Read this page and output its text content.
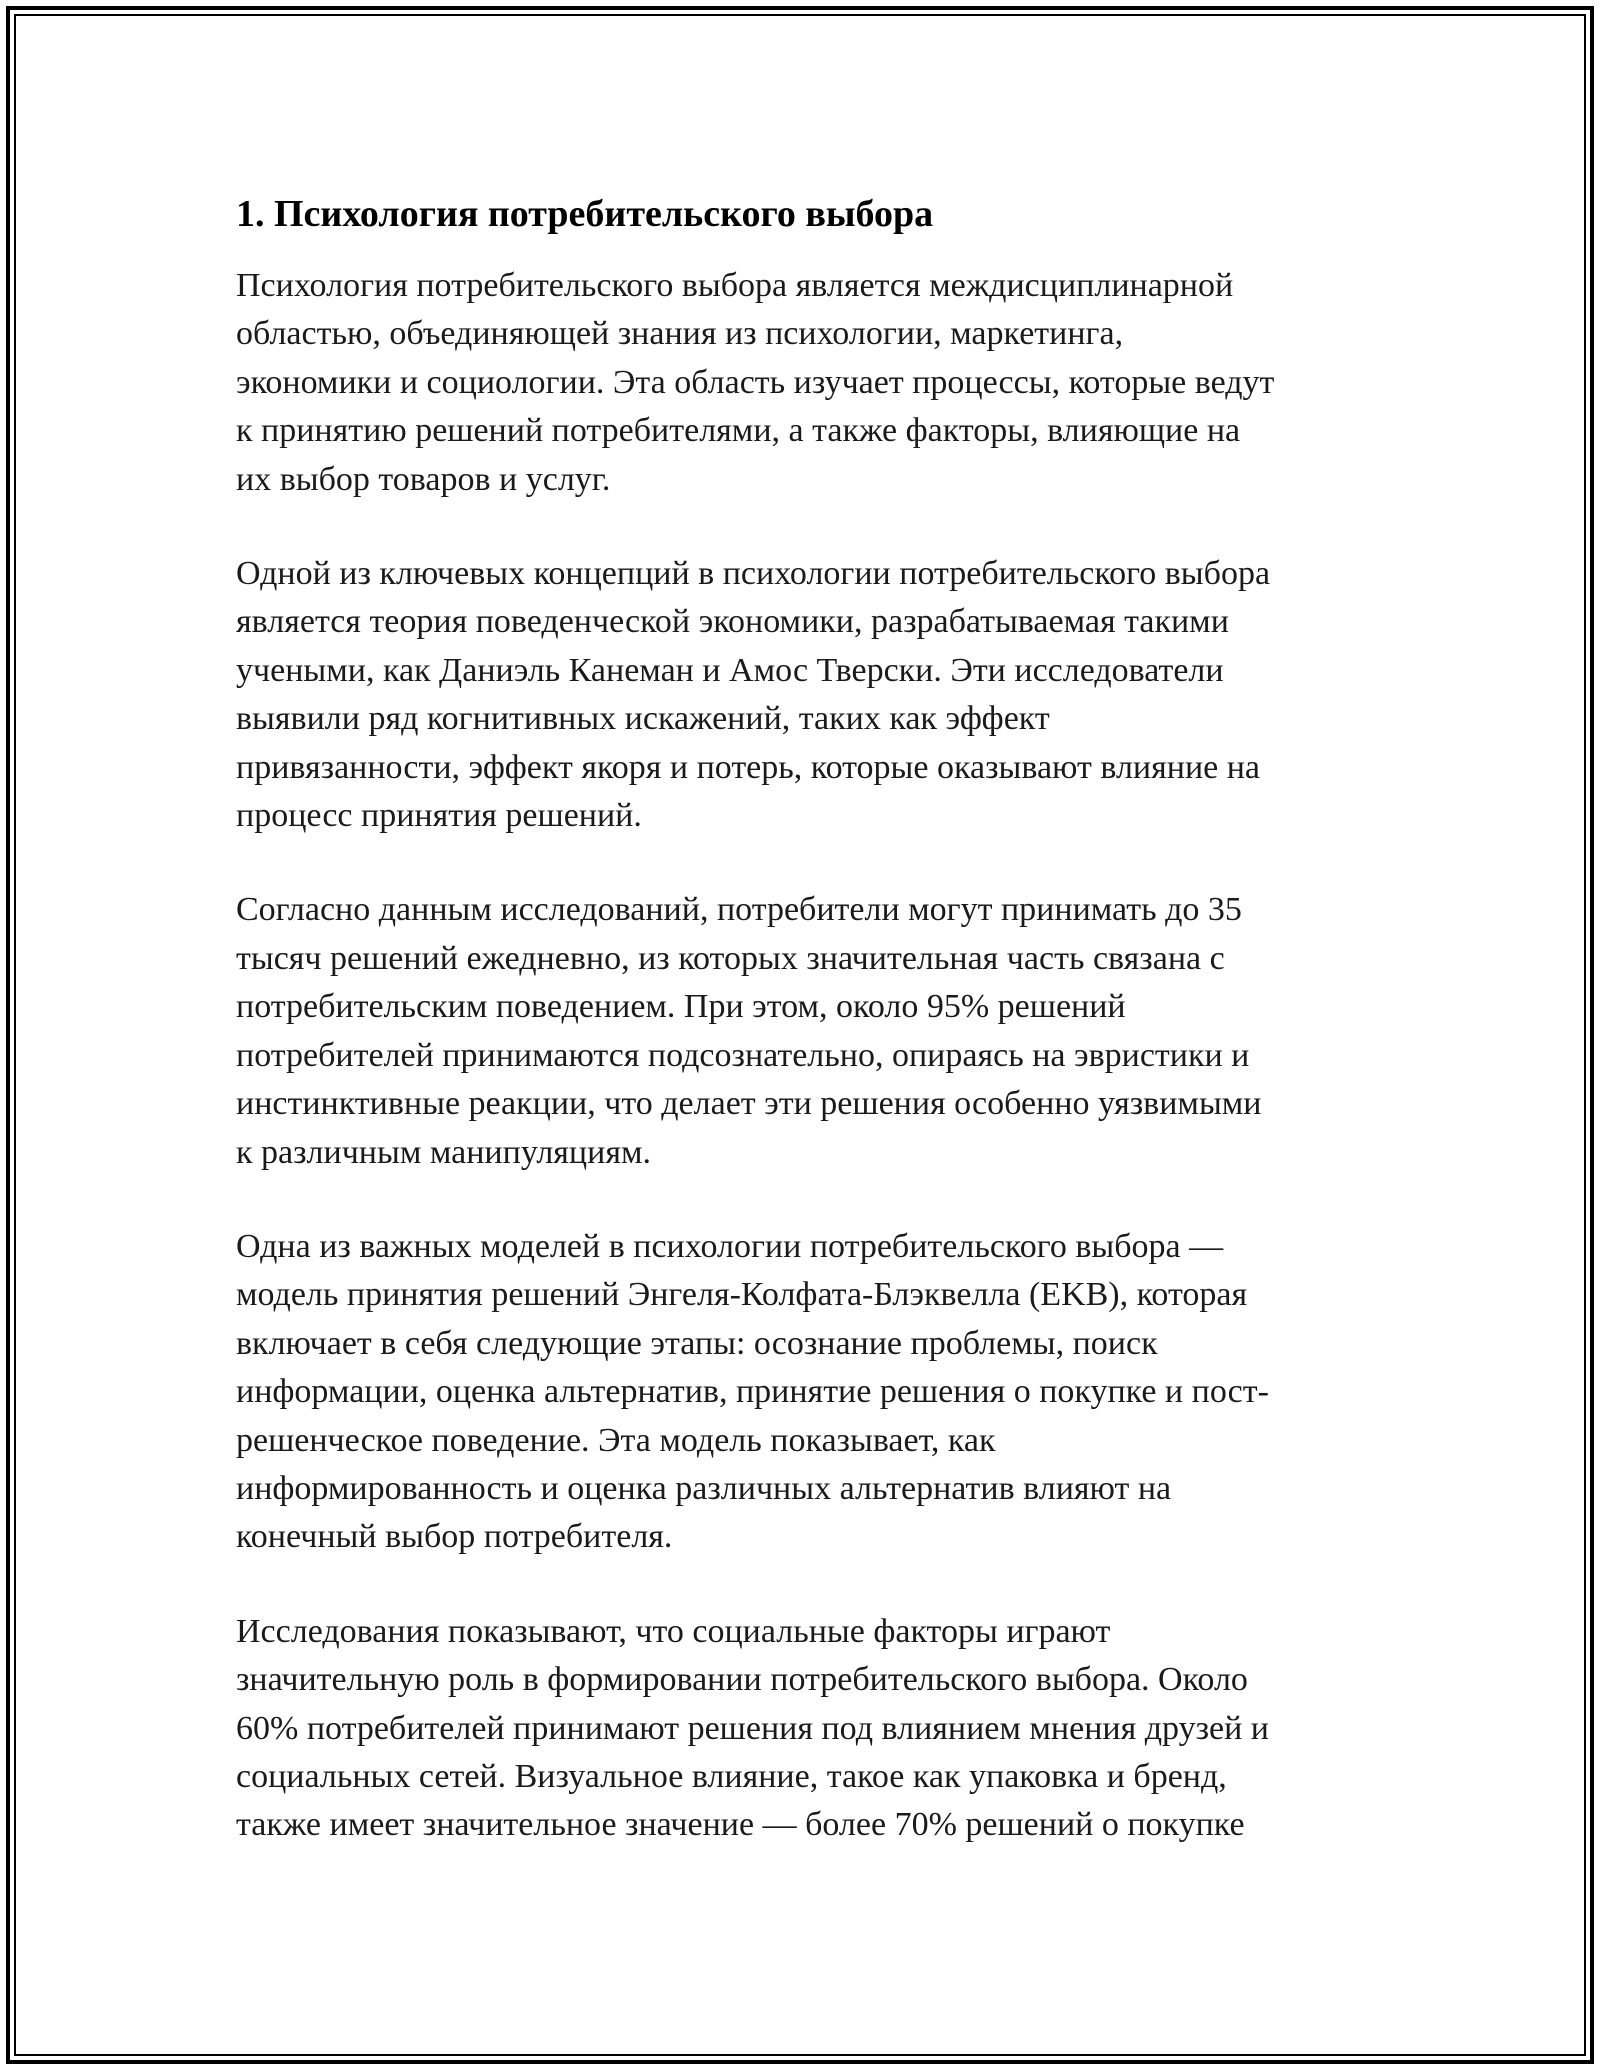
1. Психология потребительского выбора

Психология потребительского выбора является междисциплинарной
областью, объединяющей знания из психологии, маркетинга,
экономики и социологии. Эта область изучает процессы, которые ведут
к принятию решений потребителями, а также факторы, влияющие на
их выбор товаров и услуг.

Одной из ключевых концепций в психологии потребительского выбора
является теория поведенческой экономики, разрабатываемая такими
учеными, как Даниэль Канеман и Амос Тверски. Эти исследователи
выявили ряд когнитивных искажений, таких как эффект
привязанности, эффект якоря и потерь, которые оказывают влияние на
процесс принятия решений.

Согласно данным исследований, потребители могут принимать до 35
тысяч решений ежедневно, из которых значительная часть связана с
потребительским поведением. При этом, около 95% решений
потребителей принимаются подсознательно, опираясь на эвристики и
инстинктивные реакции, что делает эти решения особенно уязвимыми
к различным манипуляциям.

Одна из важных моделей в психологии потребительского выбора —
модель принятия решений Энгеля-Колфата-Блэквелла (EKB), которая
включает в себя следующие этапы: осознание проблемы, поиск
информации, оценка альтернатив, принятие решения о покупке и пост-
решенческое поведение. Эта модель показывает, как
информированность и оценка различных альтернатив влияют на
конечный выбор потребителя.

Исследования показывают, что социальные факторы играют
значительную роль в формировании потребительского выбора. Около
60% потребителей принимают решения под влиянием мнения друзей и
социальных сетей. Визуальное влияние, такое как упаковка и бренд,
также имеет значительное значение — более 70% решений о покупке
